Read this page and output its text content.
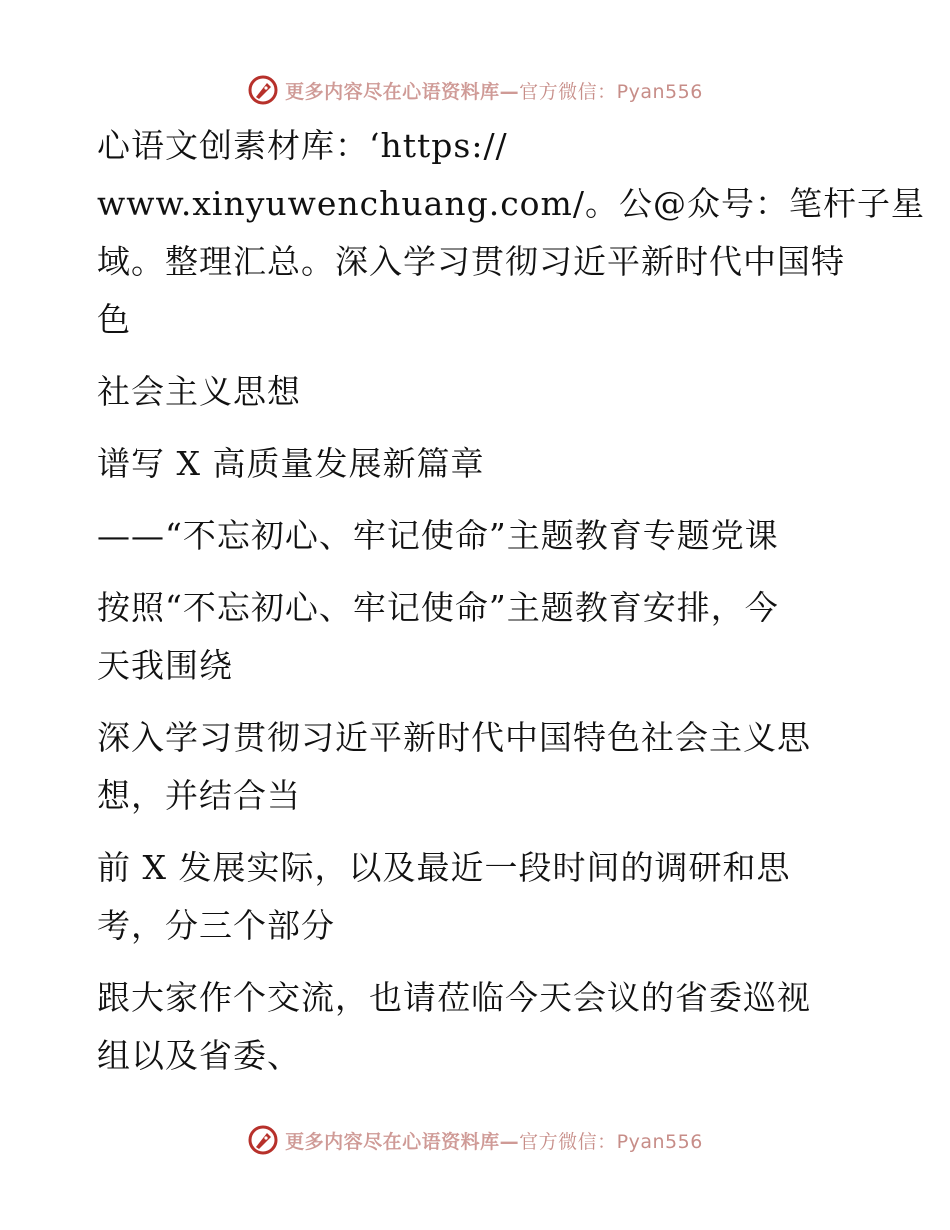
更多内容尽在心语资料库—官方微信：Pyan556
心语文创素材库：‘https://
www.xinyuwenchuang.com/。公@众号：笔杆子星
域。整理汇总。深入学习贯彻习近平新时代中国特
色
社会主义思想
谱写 X 高质量发展新篇章
——“不忘初心、牢记使命”主题教育专题党课
按照“不忘初心、牢记使命”主题教育安排，今
天我围绕
深入学习贯彻习近平新时代中国特色社会主义思
想，并结合当
前 X 发展实际，以及最近一段时间的调研和思
考，分三个部分
跟大家作个交流，也请莅临今天会议的省委巡视
组以及省委、
更多内容尽在心语资料库—官方微信：Pyan556
